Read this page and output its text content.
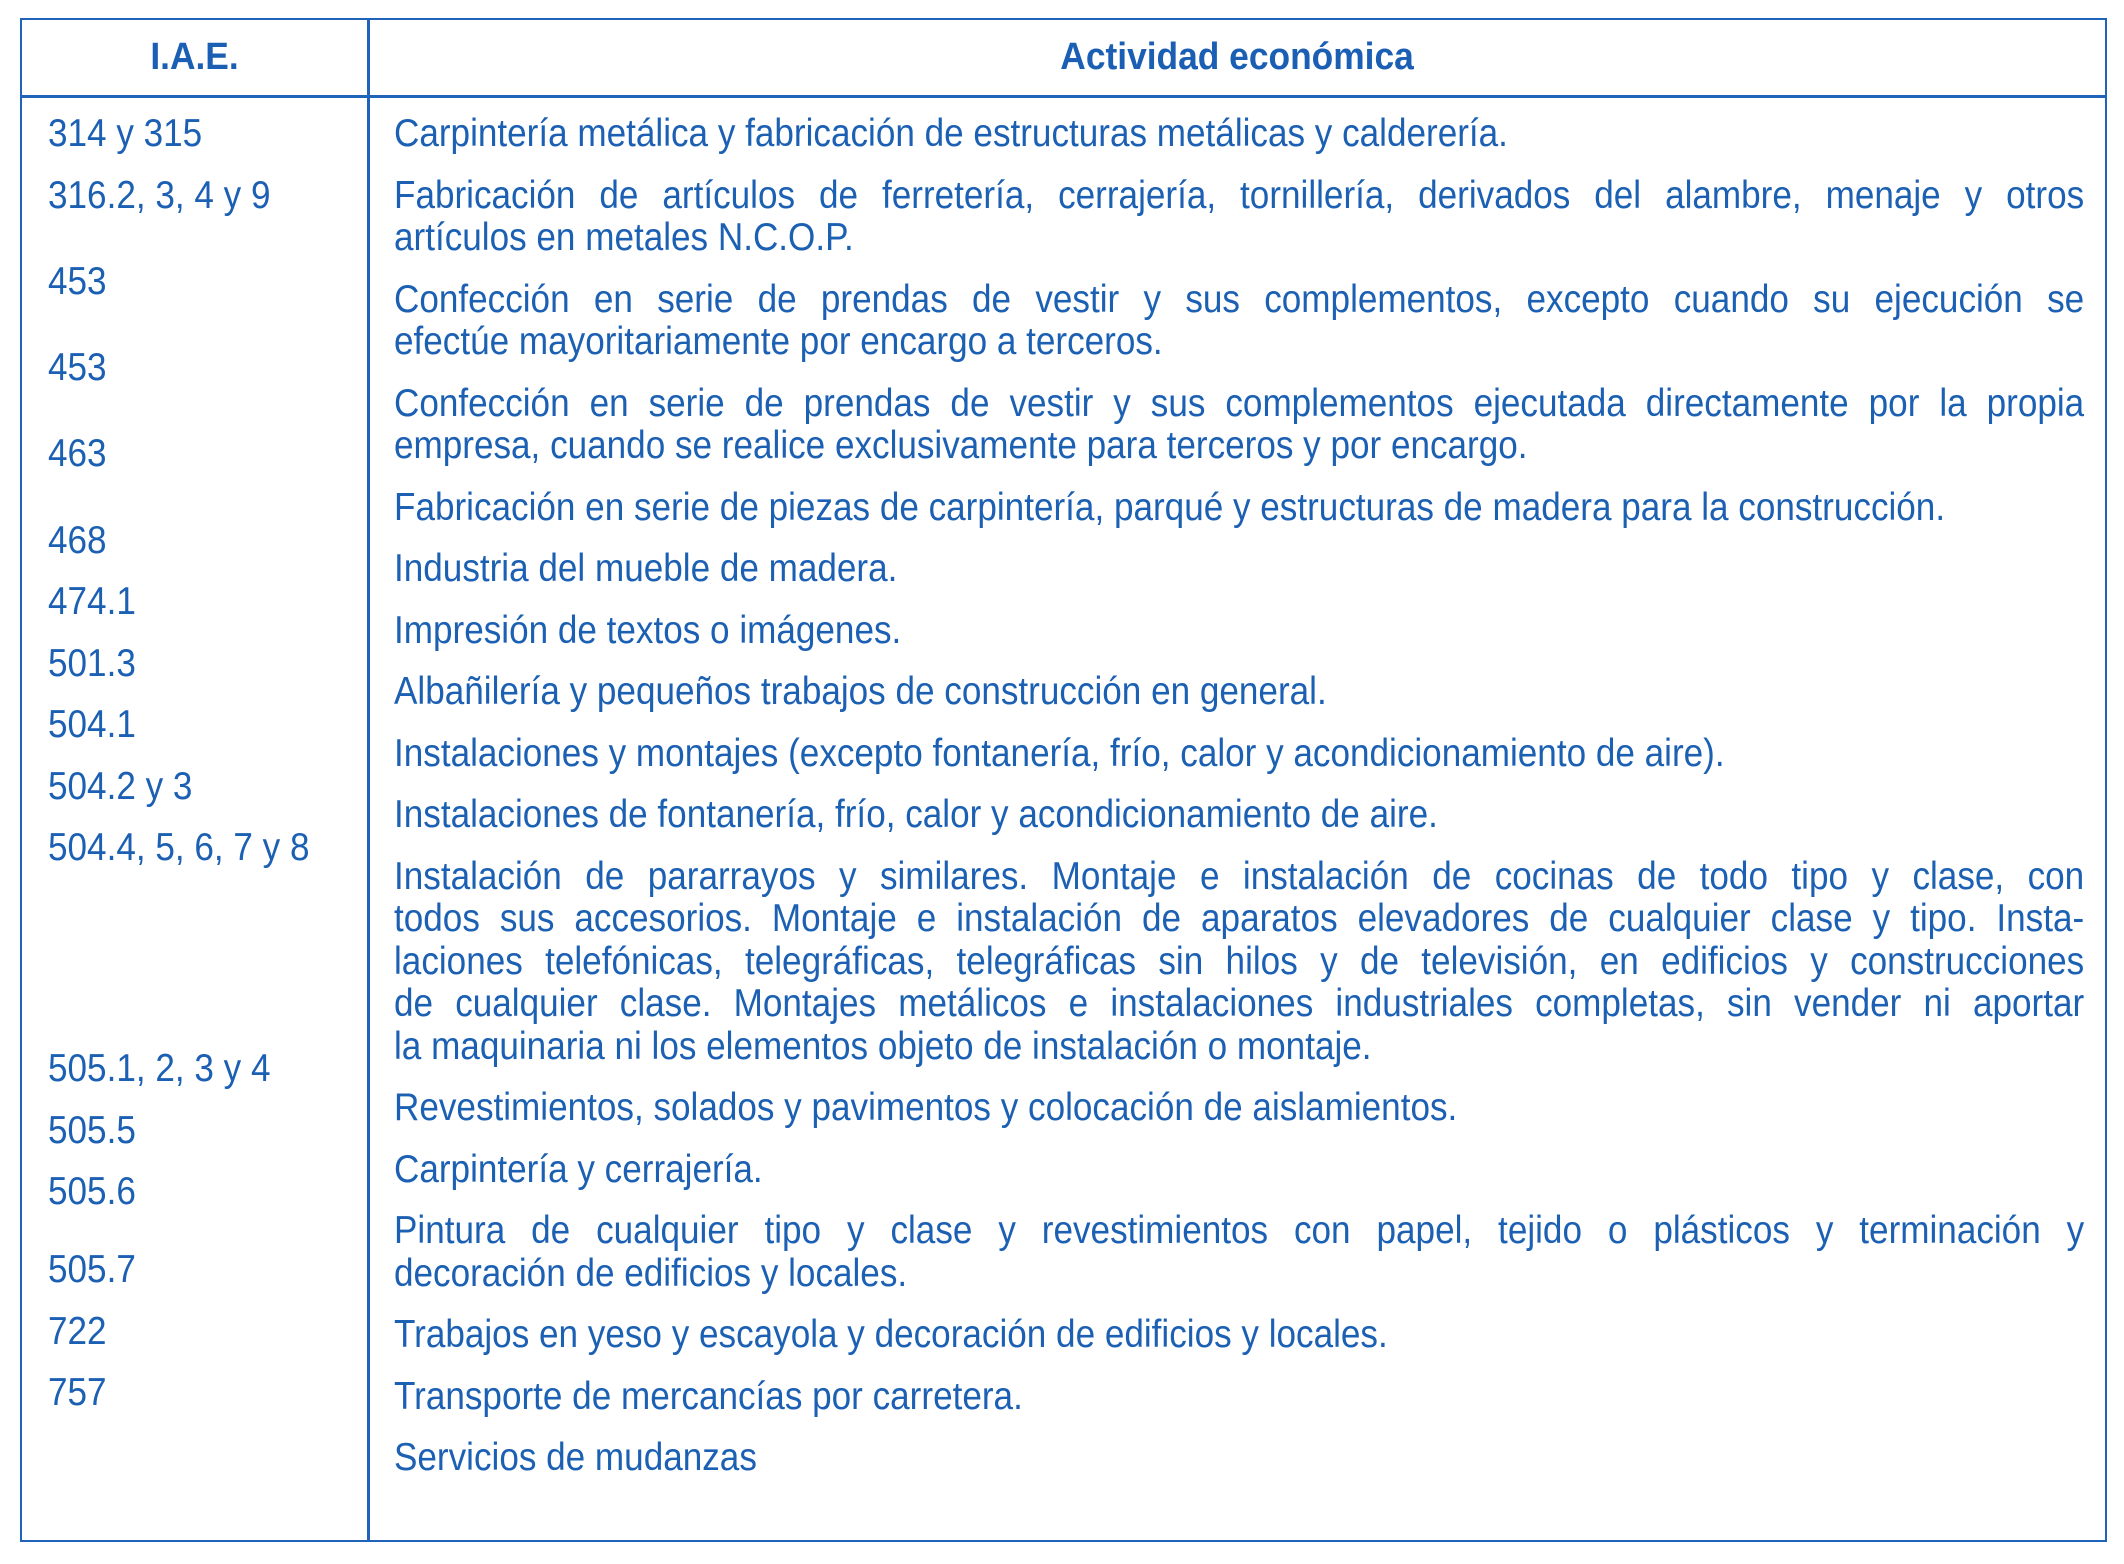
I.A.E.	Actividad económica
314 y 315
316.2, 3, 4 y 9
453
453
463
468
474.1
501.3
504.1
504.2 y 3
504.4, 5, 6, 7 y 8
505.1, 2, 3 y 4
505.5
505.6
505.7
722
757
Carpintería metálica y fabricación de estructuras metálicas y calderería.
Fabricación de artículos de ferretería, cerrajería, tornillería, derivados del alambre, menaje y otros
artículos en metales N.C.O.P.
Confección en serie de prendas de vestir y sus complementos, excepto cuando su ejecución se
efectúe mayoritariamente por encargo a terceros.
Confección en serie de prendas de vestir y sus complementos ejecutada directamente por la propia
empresa, cuando se realice exclusivamente para terceros y por encargo.
Fabricación en serie de piezas de carpintería, parqué y estructuras de madera para la construcción.
Industria del mueble de madera.
Impresión de textos o imágenes.
Albañilería y pequeños trabajos de construcción en general.
Instalaciones y montajes (excepto fontanería, frío, calor y acondicionamiento de aire).
Instalaciones de fontanería, frío, calor y acondicionamiento de aire.
Instalación de pararrayos y similares. Montaje e instalación de cocinas de todo tipo y clase, con
todos sus accesorios. Montaje e instalación de aparatos elevadores de cualquier clase y tipo. Insta-
laciones telefónicas, telegráficas, telegráficas sin hilos y de televisión, en edificios y construcciones
de cualquier clase. Montajes metálicos e instalaciones industriales completas, sin vender ni aportar
la maquinaria ni los elementos objeto de instalación o montaje.
Revestimientos, solados y pavimentos y colocación de aislamientos.
Carpintería y cerrajería.
Pintura de cualquier tipo y clase y revestimientos con papel, tejido o plásticos y terminación y
decoración de edificios y locales.
Trabajos en yeso y escayola y decoración de edificios y locales.
Transporte de mercancías por carretera.
Servicios de mudanzas
